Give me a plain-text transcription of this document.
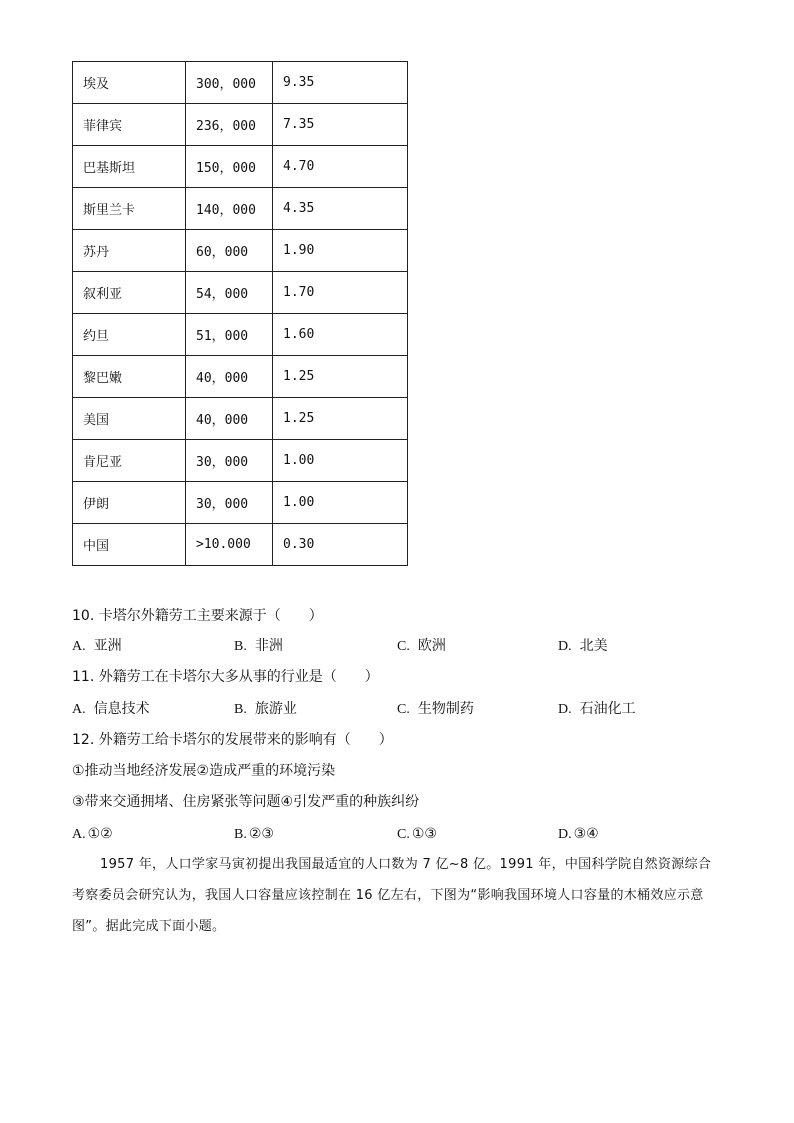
埃及	300，000	9.35
菲律宾	236，000	7.35
巴基斯坦	150，000	4.70
斯里兰卡	140，000	4.35
苏丹	60，000	1.90
叙利亚	54，000	1.70
约旦	51，000	1.60
黎巴嫩	40，000	1.25
美国	40，000	1.25
肯尼亚	30，000	1.00
伊朗	30，000	1.00
中国	>10.000	0.30
10. 卡塔尔外籍劳工主要来源于（　　）
A. 亚洲	B. 非洲	C. 欧洲	D. 北美
11. 外籍劳工在卡塔尔大多从事的行业是（　　）
A. 信息技术	B. 旅游业	C. 生物制药	D. 石油化工
12. 外籍劳工给卡塔尔的发展带来的影响有（　　）
①推动当地经济发展②造成严重的环境污染
③带来交通拥堵、住房紧张等问题④引发严重的种族纠纷
A. ①②	B. ②③	C. ①③	D. ③④
1957 年，人口学家马寅初提出我国最适宜的人口数为 7 亿~8 亿。1991 年，中国科学院自然资源综合考察委员会研究认为，我国人口容量应该控制在 16 亿左右，下图为“影响我国环境人口容量的木桶效应示意图”。据此完成下面小题。
